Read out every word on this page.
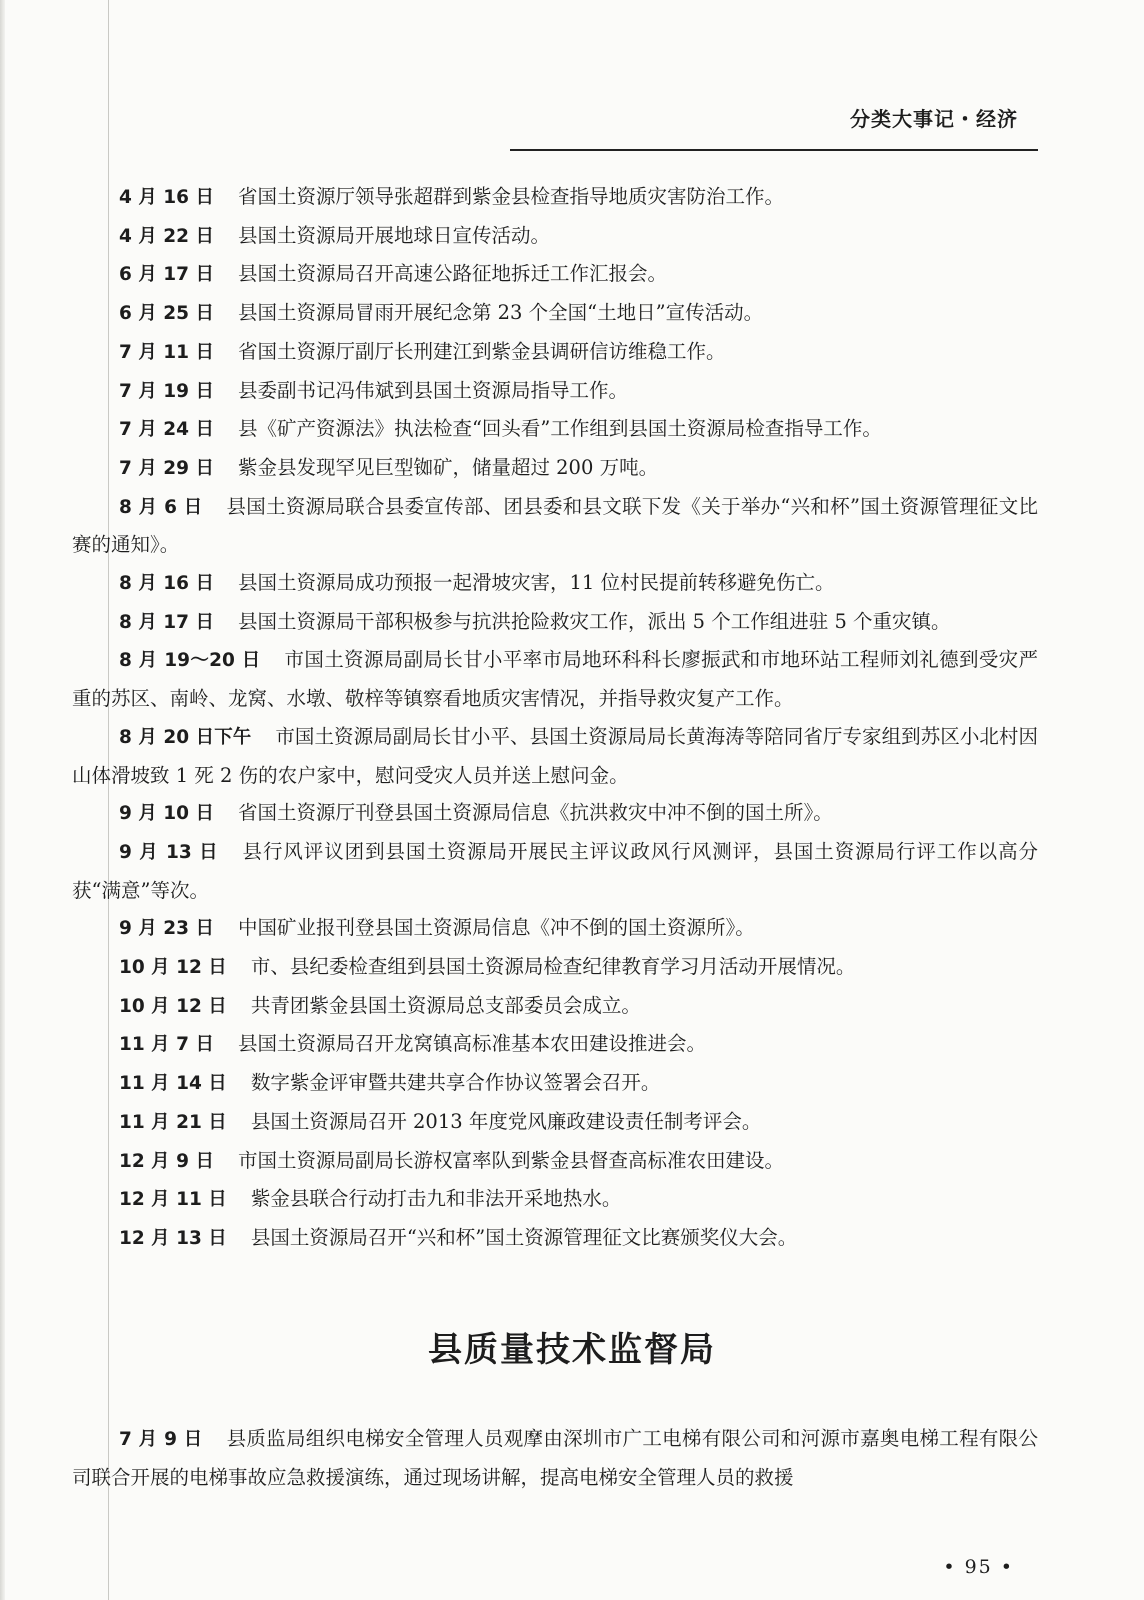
分类大事记・经济

4 月 16 日 省国土资源厅领导张超群到紫金县检查指导地质灾害防治工作。

4 月 22 日 县国土资源局开展地球日宣传活动。

6 月 17 日 县国土资源局召开高速公路征地拆迁工作汇报会。

6 月 25 日 县国土资源局冒雨开展纪念第 23 个全国“土地日”宣传活动。

7 月 11 日 省国土资源厅副厅长刑建江到紫金县调研信访维稳工作。

7 月 19 日 县委副书记冯伟斌到县国土资源局指导工作。

7 月 24 日 县《矿产资源法》执法检查“回头看”工作组到县国土资源局检查指导工作。

7 月 29 日 紫金县发现罕见巨型铷矿，储量超过 200 万吨。

8 月 6 日 县国土资源局联合县委宣传部、团县委和县文联下发《关于举办“兴和杯”国土资源管理征文比赛的通知》。

8 月 16 日 县国土资源局成功预报一起滑坡灾害，11 位村民提前转移避免伤亡。

8 月 17 日 县国土资源局干部积极参与抗洪抢险救灾工作，派出 5 个工作组进驻 5 个重灾镇。

8 月 19～20 日 市国土资源局副局长甘小平率市局地环科科长廖振武和市地环站工程师刘礼德到受灾严重的苏区、南岭、龙窝、水墩、敬梓等镇察看地质灾害情况，并指导救灾复产工作。

8 月 20 日下午 市国土资源局副局长甘小平、县国土资源局局长黄海涛等陪同省厅专家组到苏区小北村因山体滑坡致 1 死 2 伤的农户家中，慰问受灾人员并送上慰问金。

9 月 10 日 省国土资源厅刊登县国土资源局信息《抗洪救灾中冲不倒的国土所》。

9 月 13 日 县行风评议团到县国土资源局开展民主评议政风行风测评，县国土资源局行评工作以高分获“满意”等次。

9 月 23 日 中国矿业报刊登县国土资源局信息《冲不倒的国土资源所》。

10 月 12 日 市、县纪委检查组到县国土资源局检查纪律教育学习月活动开展情况。

10 月 12 日 共青团紫金县国土资源局总支部委员会成立。

11 月 7 日 县国土资源局召开龙窝镇高标准基本农田建设推进会。

11 月 14 日 数字紫金评审暨共建共享合作协议签署会召开。

11 月 21 日 县国土资源局召开 2013 年度党风廉政建设责任制考评会。

12 月 9 日 市国土资源局副局长游权富率队到紫金县督查高标准农田建设。

12 月 11 日 紫金县联合行动打击九和非法开采地热水。

12 月 13 日 县国土资源局召开“兴和杯”国土资源管理征文比赛颁奖仪大会。

县质量技术监督局

7 月 9 日 县质监局组织电梯安全管理人员观摩由深圳市广工电梯有限公司和河源市嘉奥电梯工程有限公司联合开展的电梯事故应急救援演练，通过现场讲解，提高电梯安全管理人员的救援

• 95 •
